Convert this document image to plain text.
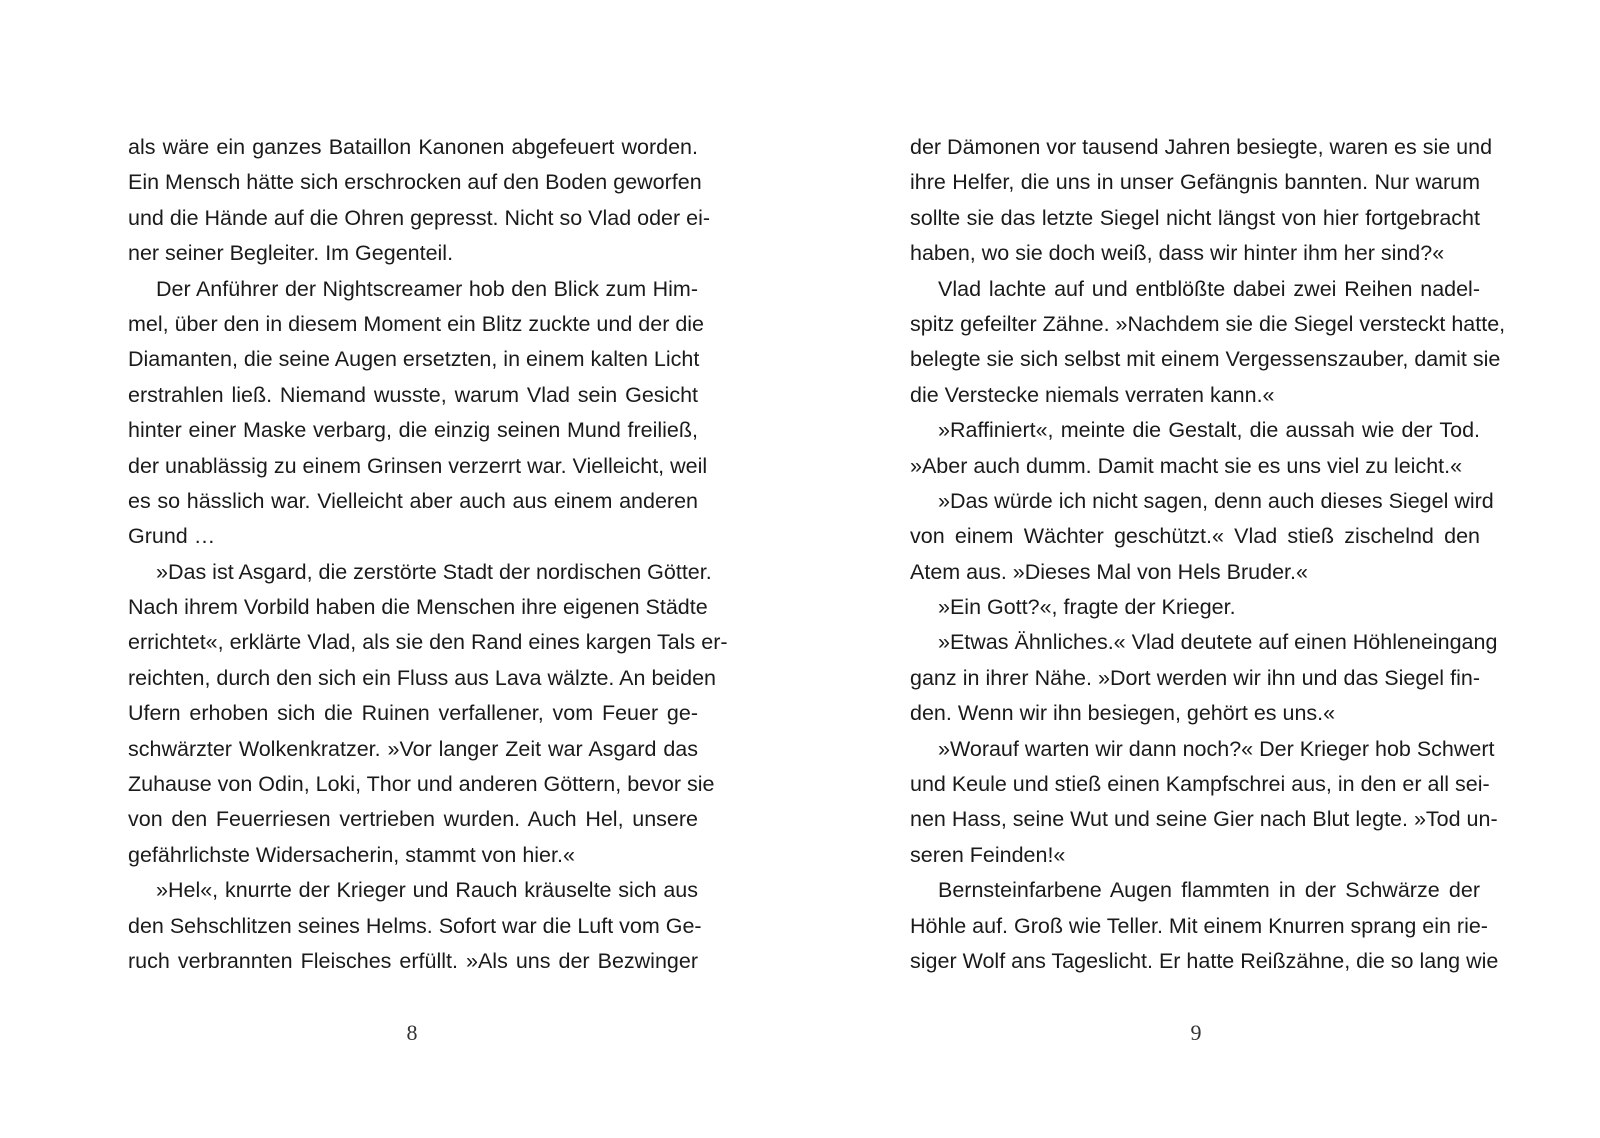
als wäre ein ganzes Bataillon Kanonen abgefeuert worden.
Ein Mensch hätte sich erschrocken auf den Boden geworfen
und die Hände auf die Ohren gepresst. Nicht so Vlad oder ei-
ner seiner Begleiter. Im Gegenteil.
Der Anführer der Nightscreamer hob den Blick zum Him-
mel, über den in diesem Moment ein Blitz zuckte und der die
Diamanten, die seine Augen ersetzten, in einem kalten Licht
erstrahlen ließ. Niemand wusste, warum Vlad sein Gesicht
hinter einer Maske verbarg, die einzig seinen Mund freiließ,
der unablässig zu einem Grinsen verzerrt war. Vielleicht, weil
es so hässlich war. Vielleicht aber auch aus einem anderen
Grund …
»Das ist Asgard, die zerstörte Stadt der nordischen Götter.
Nach ihrem Vorbild haben die Menschen ihre eigenen Städte
errichtet«, erklärte Vlad, als sie den Rand eines kargen Tals er-
reichten, durch den sich ein Fluss aus Lava wälzte. An beiden
Ufern erhoben sich die Ruinen verfallener, vom Feuer ge-
schwärzter Wolkenkratzer. »Vor langer Zeit war Asgard das
Zuhause von Odin, Loki, Thor und anderen Göttern, bevor sie
von den Feuerriesen vertrieben wurden. Auch Hel, unsere
gefährlichste Widersacherin, stammt von hier.«
»Hel«, knurrte der Krieger und Rauch kräuselte sich aus
den Sehschlitzen seines Helms. Sofort war die Luft vom Ge-
ruch verbrannten Fleisches erfüllt. »Als uns der Bezwinger
der Dämonen vor tausend Jahren besiegte, waren es sie und
ihre Helfer, die uns in unser Gefängnis bannten. Nur warum
sollte sie das letzte Siegel nicht längst von hier fortgebracht
haben, wo sie doch weiß, dass wir hinter ihm her sind?«
Vlad lachte auf und entblößte dabei zwei Reihen nadel-
spitz gefeilter Zähne. »Nachdem sie die Siegel versteckt hatte,
belegte sie sich selbst mit einem Vergessenszauber, damit sie
die Verstecke niemals verraten kann.«
»Raffiniert«, meinte die Gestalt, die aussah wie der Tod.
»Aber auch dumm. Damit macht sie es uns viel zu leicht.«
»Das würde ich nicht sagen, denn auch dieses Siegel wird
von einem Wächter geschützt.« Vlad stieß zischelnd den
Atem aus. »Dieses Mal von Hels Bruder.«
»Ein Gott?«, fragte der Krieger.
»Etwas Ähnliches.« Vlad deutete auf einen Höhleneingang
ganz in ihrer Nähe. »Dort werden wir ihn und das Siegel fin-
den. Wenn wir ihn besiegen, gehört es uns.«
»Worauf warten wir dann noch?« Der Krieger hob Schwert
und Keule und stieß einen Kampfschrei aus, in den er all sei-
nen Hass, seine Wut und seine Gier nach Blut legte. »Tod un-
seren Feinden!«
Bernsteinfarbene Augen flammten in der Schwärze der
Höhle auf. Groß wie Teller. Mit einem Knurren sprang ein rie-
siger Wolf ans Tageslicht. Er hatte Reißzähne, die so lang wie
8	9
